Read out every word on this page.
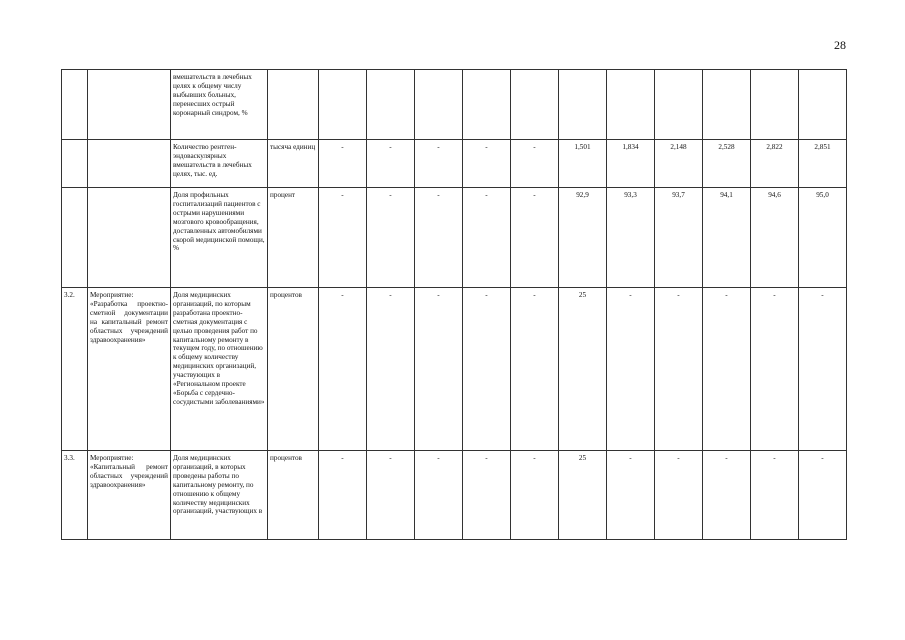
28
		вмешательств в лечебных целях к общему числу выбывших больных, перенесших острый коронарный синдром, %												
		Количество рентген-эндоваскулярных вмешательств в лечебных целях, тыс. ед.	тысяча единиц	-	-	-	-	-	1,501	1,834	2,148	2,528	2,822	2,851
		Доля профильных госпитализаций пациентов с острыми нарушениями мозгового кровообращения, доставленных автомобилями скорой медицинской помощи, %	процент	-	-	-	-	-	92,9	93,3	93,7	94,1	94,6	95,0
3.2.	Мероприятие: «Разработка проектно-сметной документации на капитальный ремонт областных учреждений здравоохранения»	Доля медицинских организаций, по которым разработана проектно-сметная документация с целью проведения работ по капитальному ремонту в текущем году, по отношению к общему количеству медицинских организаций, участвующих в «Региональном проекте «Борьба с сердечно-сосудистыми заболеваниями»	процентов	-	-	-	-	-	25	-	-	-	-	-
3.3.	Мероприятие: «Капитальный ремонт областных учреждений здравоохранения»	Доля медицинских организаций, в которых проведены работы по капитальному ремонту, по отношению к общему количеству медицинских организаций, участвующих в	процентов	-	-	-	-	-	25	-	-	-	-	-
